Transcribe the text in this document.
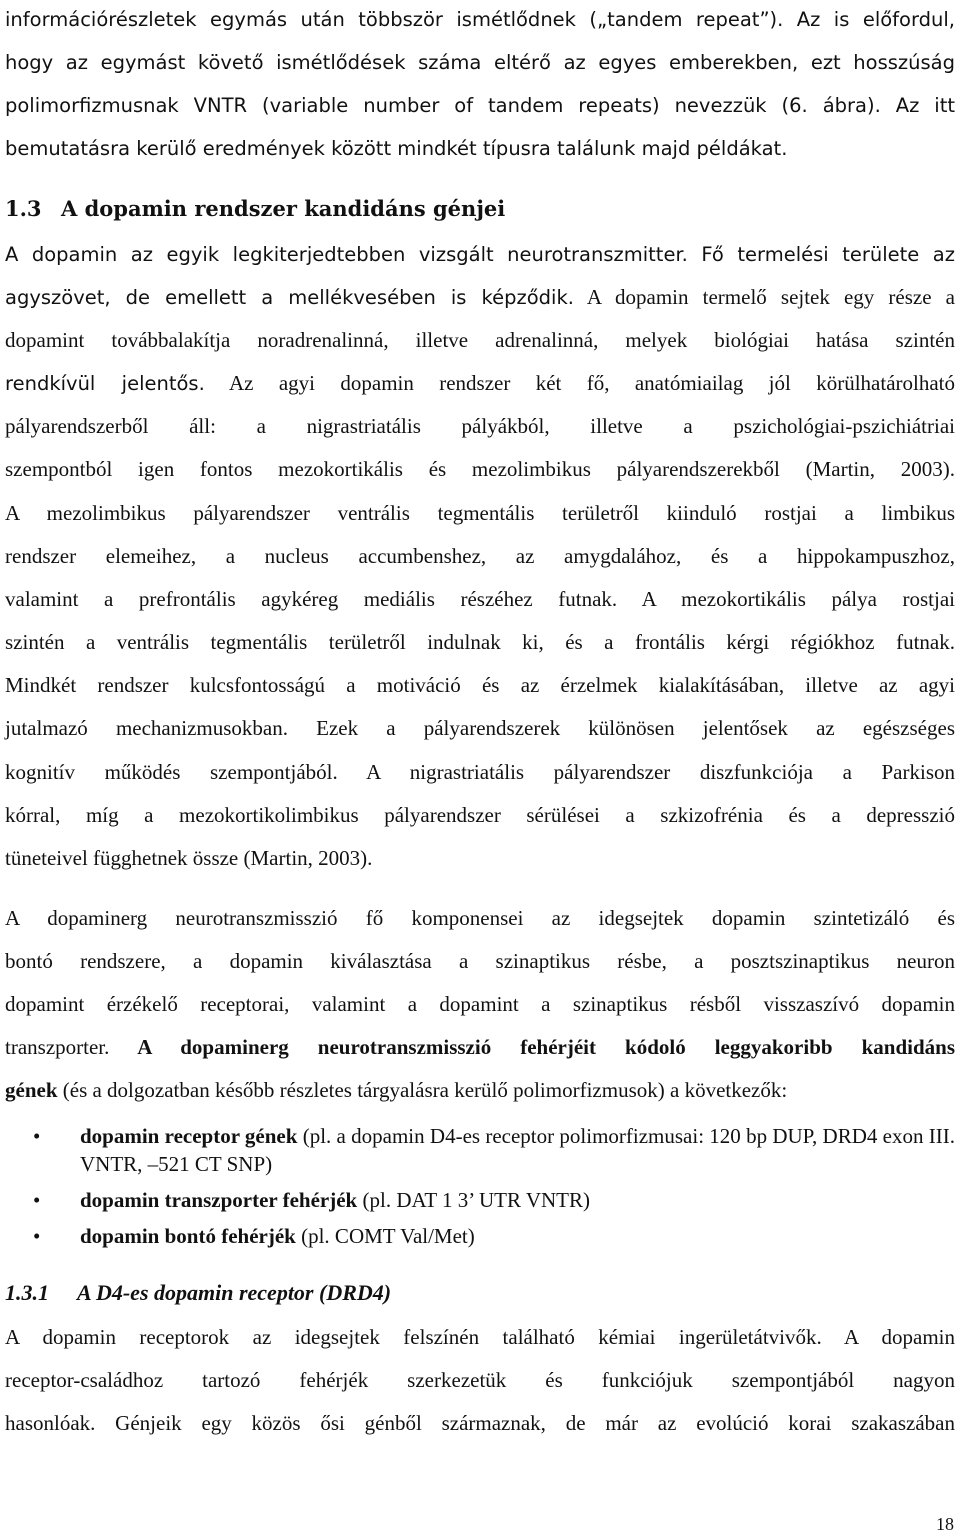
információrészletek egymás után többször ismétlődnek („tandem repeat”). Az is előfordul,
hogy az egymást követő ismétlődések száma eltérő az egyes emberekben, ezt hosszúság
polimorfizmusnak VNTR (variable number of tandem repeats) nevezzük (6. ábra). Az itt
bemutatásra kerülő eredmények között mindkét típusra találunk majd példákat.
1.3 A dopamin rendszer kandidáns génjei
A dopamin az egyik legkiterjedtebben vizsgált neurotranszmitter. Fő termelési területe az
agyszövet, de emellett a mellékvesében is képződik. A dopamin termelő sejtek egy része a
dopamint továbbalakítja noradrenalinná, illetve adrenalinná, melyek biológiai hatása szintén
rendkívül jelentős. Az agyi dopamin rendszer két fő, anatómiailag jól körülhatárolható
pályarendszerből áll: a nigrastriatális pályákból, illetve a pszichológiai-pszichiátriai
szempontból igen fontos mezokortikális és mezolimbikus pályarendszerekből (Martin, 2003).
A mezolimbikus pályarendszer ventrális tegmentális területről kiinduló rostjai a limbikus
rendszer elemeihez, a nucleus accumbenshez, az amygdalához, és a hippokampuszhoz,
valamint a prefrontális agykéreg mediális részéhez futnak. A mezokortikális pálya rostjai
szintén a ventrális tegmentális területről indulnak ki, és a frontális kérgi régiókhoz futnak.
Mindkét rendszer kulcsfontosságú a motiváció és az érzelmek kialakításában, illetve az agyi
jutalmazó mechanizmusokban. Ezek a pályarendszerek különösen jelentősek az egészséges
kognitív működés szempontjából. A nigrastriatális pályarendszer diszfunkciója a Parkison
kórral, míg a mezokortikolimbikus pályarendszer sérülései a szkizofrénia és a depresszió
tüneteivel függhetnek össze (Martin, 2003).
A dopaminerg neurotranszmisszió fő komponensei az idegsejtek dopamin szintetizáló és
bontó rendszere, a dopamin kiválasztása a szinaptikus résbe, a posztszinaptikus neuron
dopamint érzékelő receptorai, valamint a dopamint a szinaptikus résből visszaszívó dopamin
transzporter. A dopaminerg neurotranszmisszió fehérjéit kódoló leggyakoribb kandidáns
gének (és a dolgozatban később részletes tárgyalásra kerülő polimorfizmusok) a következők:
• dopamin receptor gének (pl. a dopamin D4-es receptor polimorfizmusai: 120 bp DUP, DRD4 exon III. VNTR, –521 CT SNP)
• dopamin transzporter fehérjék (pl. DAT 1 3’ UTR VNTR)
• dopamin bontó fehérjék (pl. COMT Val/Met)
1.3.1 A D4-es dopamin receptor (DRD4)
A dopamin receptorok az idegsejtek felszínén található kémiai ingerületátvivők. A dopamin
receptor-családhoz tartozó fehérjék szerkezetük és funkciójuk szempontjából nagyon
hasonlóak. Génjeik egy közös ősi génből származnak, de már az evolúció korai szakaszában
18
